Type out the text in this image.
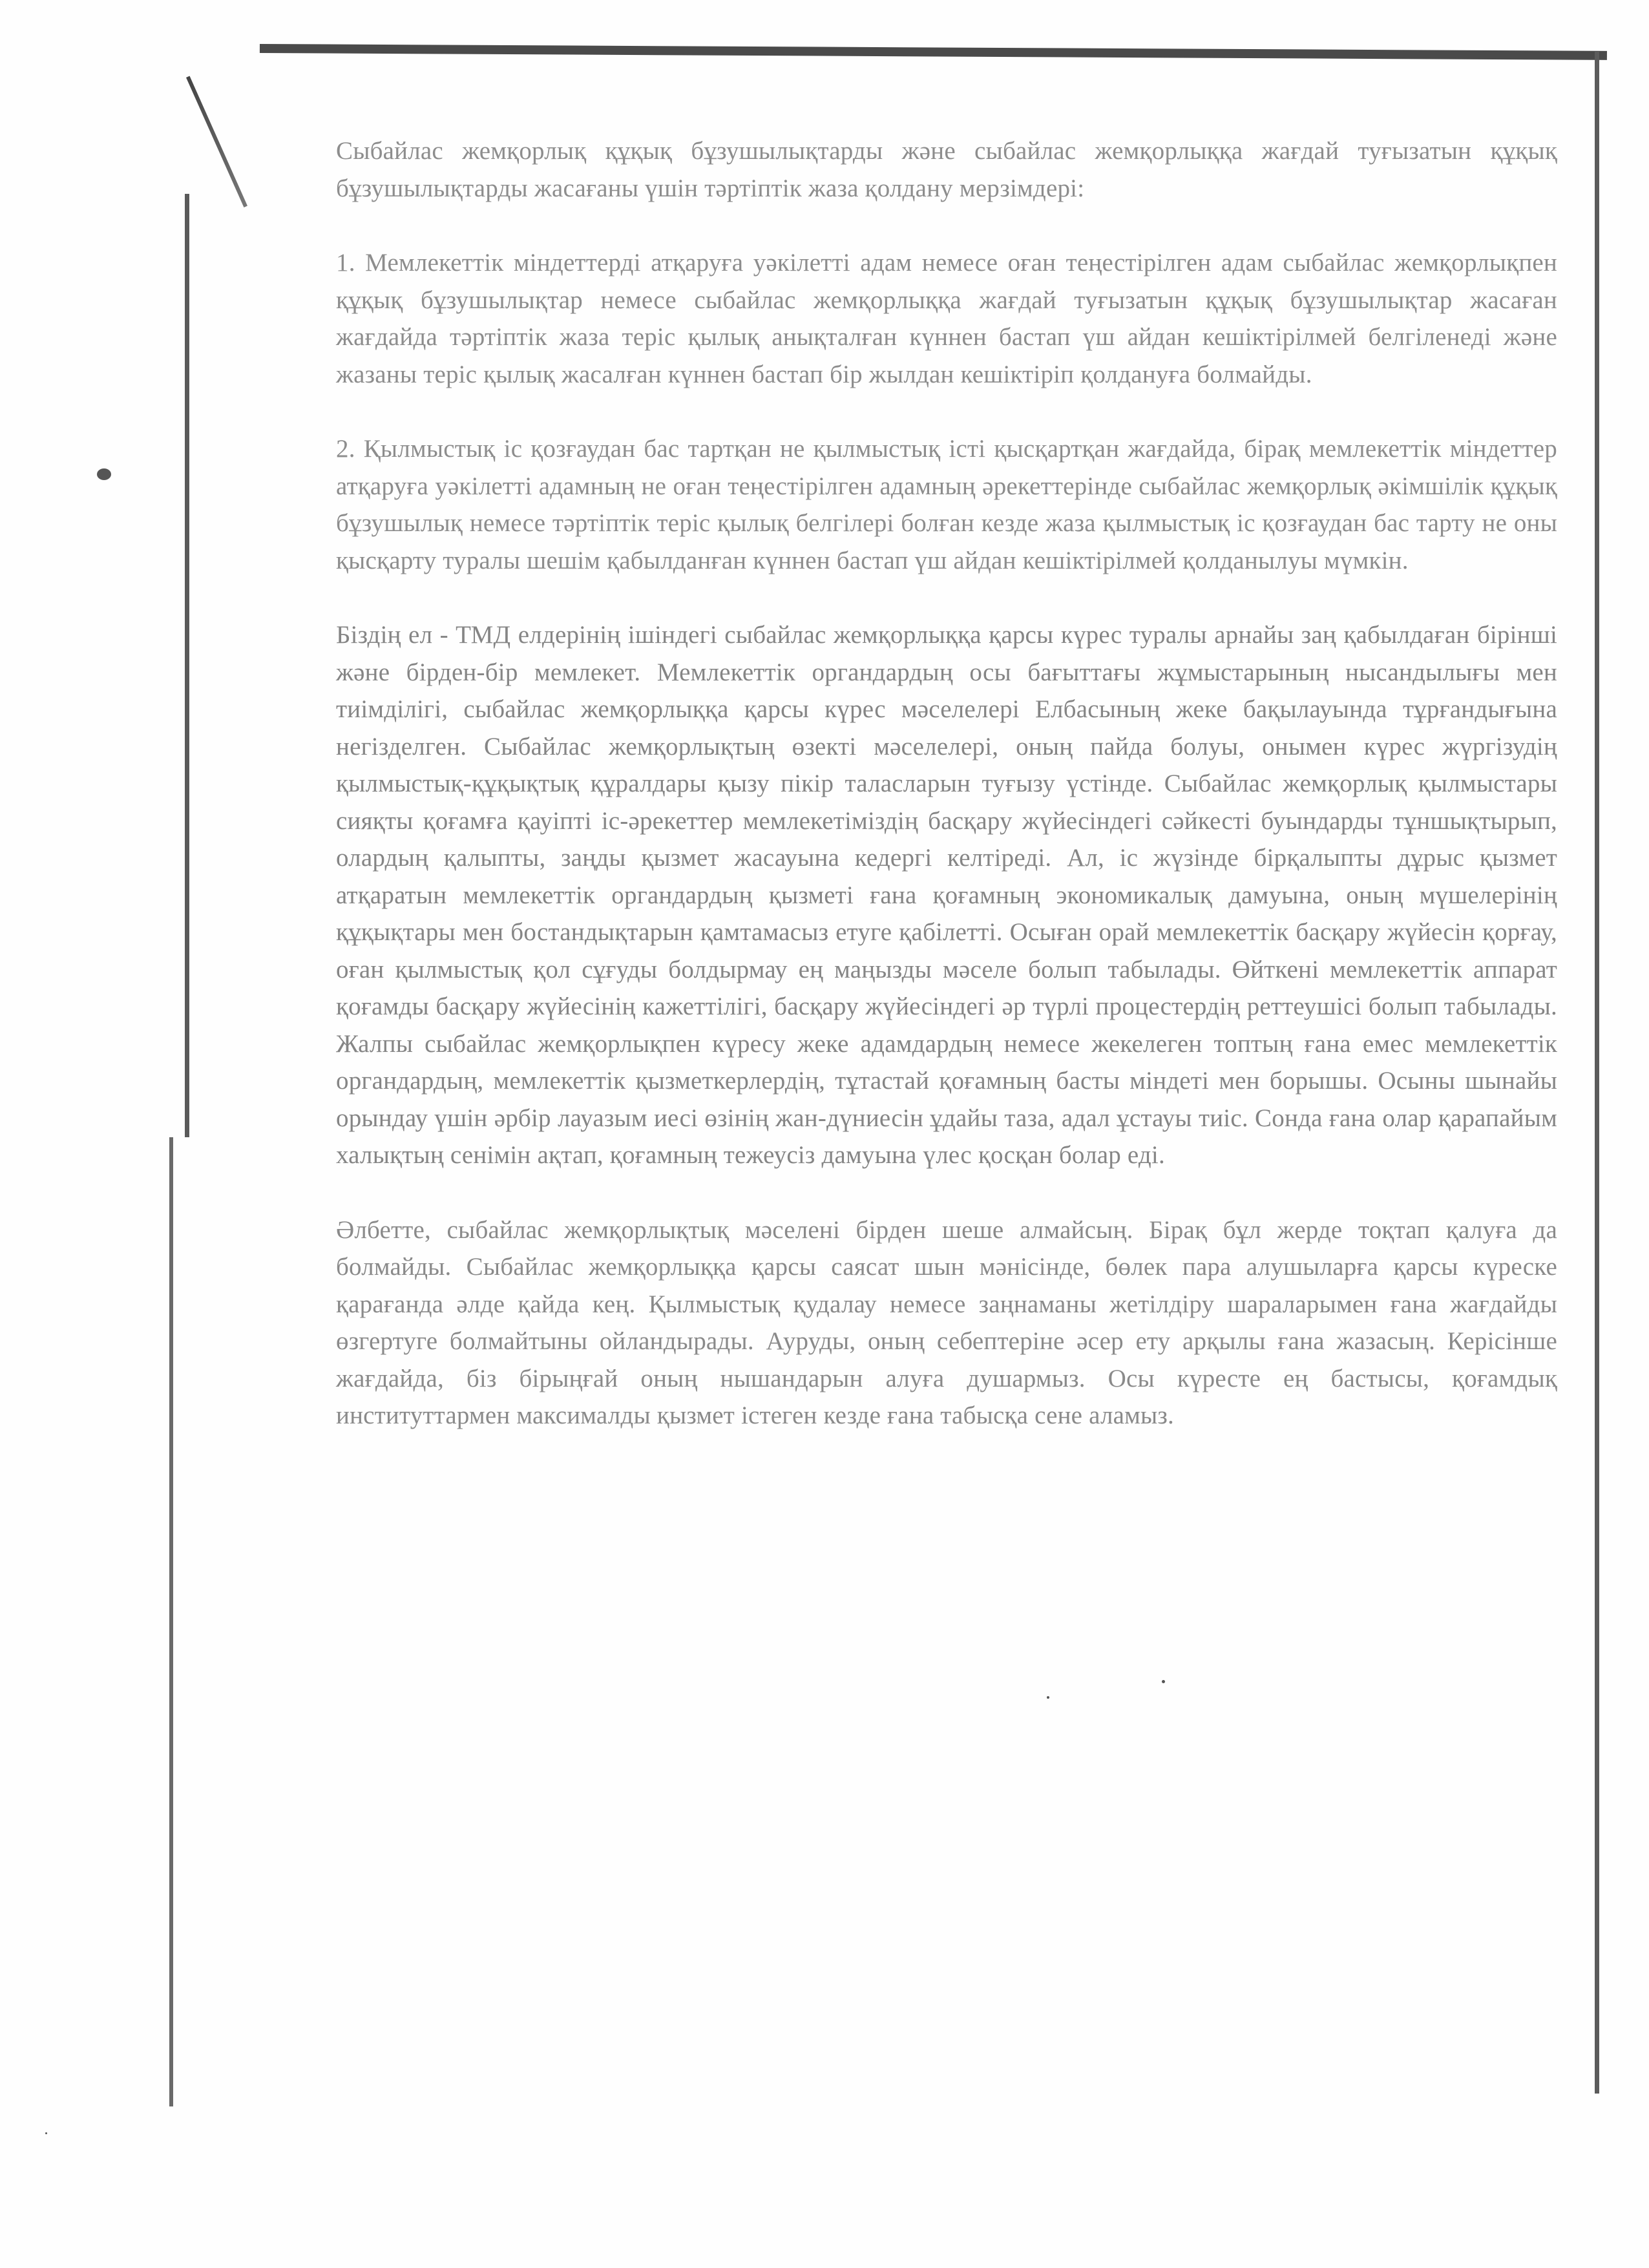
Сыбайлас жемқорлық құқық бұзушылықтарды және сыбайлас жемқорлыққа жағдай туғызатын құқық бұзушылықтарды жасағаны үшін тәртіптік жаза қолдану мерзімдері:

1. Мемлекеттік міндеттерді атқаруға уәкілетті адам немесе оған теңестірілген адам сыбайлас жемқорлықпен құқық бұзушылықтар немесе сыбайлас жемқорлыққа жағдай туғызатын құқық бұзушылықтар жасаған жағдайда тәртіптік жаза теріс қылық анықталған күннен бастап үш айдан кешіктірілмей белгіленеді және жазаны теріс қылық жасалған күннен бастап бір жылдан кешіктіріп қолдануға болмайды.

2. Қылмыстық іс қозғаудан бас тартқан не қылмыстық істі қысқартқан жағдайда, бірақ мемлекеттік міндеттер атқаруға уәкілетті адамның не оған теңестірілген адамның әрекеттерінде сыбайлас жемқорлық әкімшілік құқық бұзушылық немесе тәртіптік теріс қылық белгілері болған кезде жаза қылмыстық іс қозғаудан бас тарту не оны қысқарту туралы шешім қабылданған күннен бастап үш айдан кешіктірілмей қолданылуы мүмкін.

Біздің ел - ТМД елдерінің ішіндегі сыбайлас жемқорлыққа қарсы күрес туралы арнайы заң қабылдаған бірінші және бірден-бір мемлекет. Мемлекеттік органдардың осы бағыттағы жұмыстарының нысандылығы мен тиімділігі, сыбайлас жемқорлыққа қарсы күрес мәселелері Елбасының жеке бақылауында тұрғандығына негізделген. Сыбайлас жемқорлықтың өзекті мәселелері, оның пайда болуы, онымен күрес жүргізудің қылмыстық-құқықтық құралдары қызу пікір таласларын туғызу үстінде. Сыбайлас жемқорлық қылмыстары сияқты қоғамға қауіпті іс-әрекеттер мемлекетіміздің басқару жүйесіндегі сәйкесті буындарды тұншықтырып, олардың қалыпты, заңды қызмет жасауына кедергі келтіреді. Ал, іс жүзінде бірқалыпты дұрыс қызмет атқаратын мемлекеттік органдардың қызметі ғана қоғамның экономикалық дамуына, оның мүшелерінің құқықтары мен бостандықтарын қамтамасыз етуге қабілетті. Осыған орай мемлекеттік басқару жүйесін қорғау, оған қылмыстық қол сұғуды болдырмау ең маңызды мәселе болып табылады. Өйткені мемлекеттік аппарат қоғамды басқару жүйесінің кажеттілігі, басқару жүйесіндегі әр түрлі процестердің реттеушісі болып табылады. Жалпы сыбайлас жемқорлықпен күресу жеке адамдардың немесе жекелеген топтың ғана емес мемлекеттік органдардың, мемлекеттік қызметкерлердің, тұтастай қоғамның басты міндеті мен борышы. Осыны шынайы орындау үшін әрбір лауазым иесі өзінің жан-дүниесін ұдайы таза, адал ұстауы тиіс. Сонда ғана олар қарапайым халықтың сенімін ақтап, қоғамның тежеусіз дамуына үлес қосқан болар еді.

Әлбетте, сыбайлас жемқорлықтық мәселені бірден шеше алмайсың. Бірақ бұл жерде тоқтап қалуға да болмайды. Сыбайлас жемқорлыққа қарсы саясат шын мәнісінде, бөлек пара алушыларға қарсы күреске қарағанда әлде қайда кең. Қылмыстық қудалау немесе заңнаманы жетілдіру шараларымен ғана жағдайды өзгертуге болмайтыны ойландырады. Ауруды, оның себептеріне әсер ету арқылы ғана жазасың. Керісінше жағдайда, біз бірыңғай оның нышандарын алуға душармыз. Осы күресте ең бастысы, қоғамдық институттармен максималды қызмет істеген кезде ғана табысқа сене аламыз.
